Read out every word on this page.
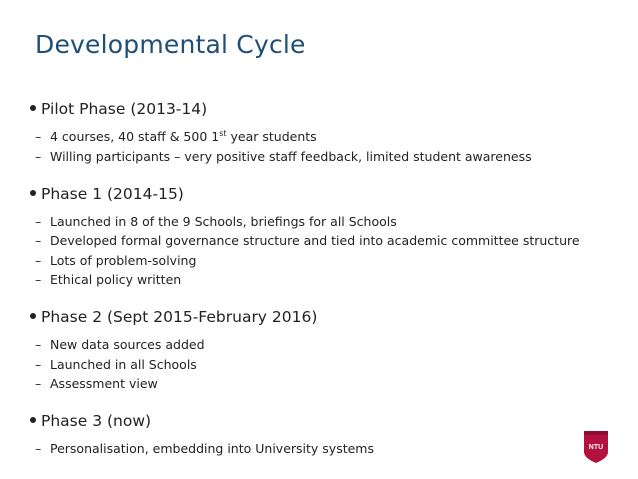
Developmental Cycle
Pilot Phase (2013-14)
– 4 courses, 40 staff & 500 1st year students
– Willing participants – very positive staff feedback, limited student awareness
Phase 1 (2014-15)
– Launched in 8 of the 9 Schools, briefings for all Schools
– Developed formal governance structure and tied into academic committee structure
– Lots of problem-solving
– Ethical policy written
Phase 2 (Sept 2015-February 2016)
– New data sources added
– Launched in all Schools
– Assessment view
Phase 3 (now)
– Personalisation, embedding into University systems	NTU
